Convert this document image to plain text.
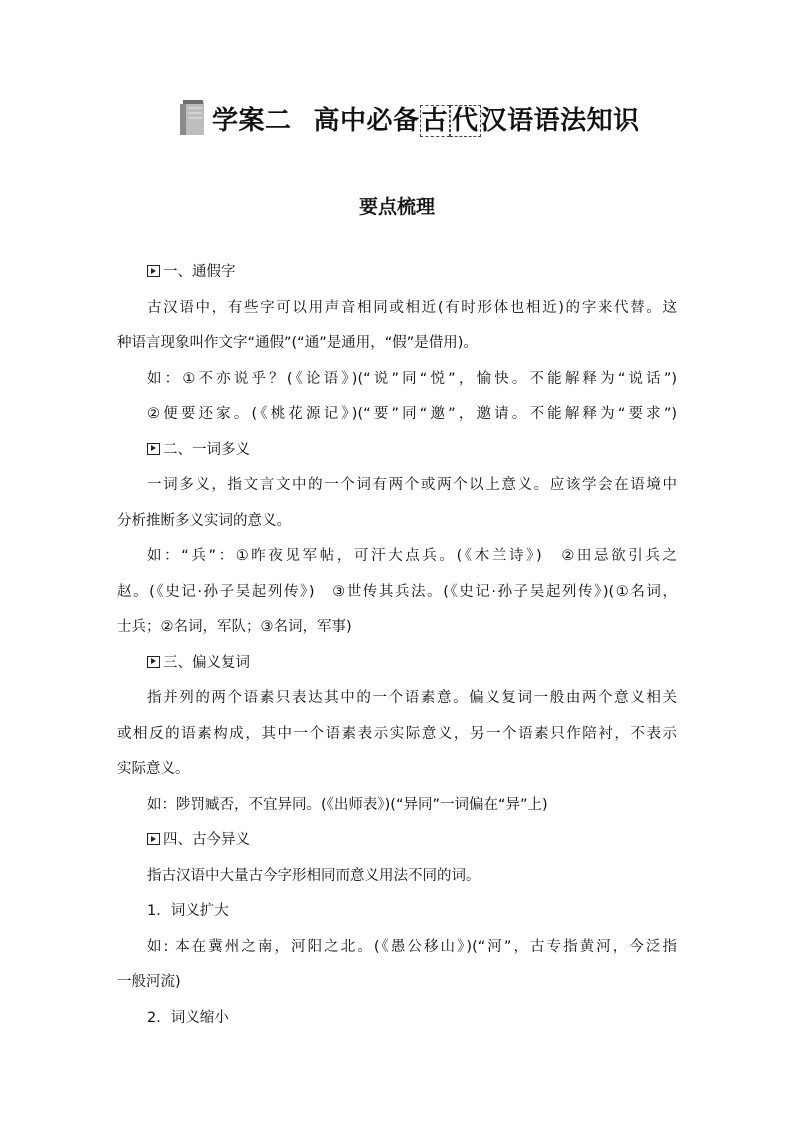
学案二 高中必备古 代汉语语法知识
要点梳理
一、通假字
古汉语中，有些字可以用声音相同或相近(有时形体也相近)的字来代替。这
种语言现象叫作文字“通假”(“通”是通用，“假”是借用)。
如：①不亦说乎？(《论语》)(“说”同“悦”，愉快。不能解释为“说话”)
②便要还家。(《桃花源记》)(“要”同“邀”，邀请。不能解释为“要求”)
二、一词多义
一词多义，指文言文中的一个词有两个或两个以上意义。应该学会在语境中
分析推断多义实词的意义。
如：“兵”：①昨夜见军帖，可汗大点兵。(《木兰诗》)　②田忌欲引兵之
赵。(《史记·孙子吴起列传》)　③世传其兵法。(《史记·孙子吴起列传》)(①名词，
士兵；②名词，军队；③名词，军事)
三、偏义复词
指并列的两个语素只表达其中的一个语素意。偏义复词一般由两个意义相关
或相反的语素构成，其中一个语素表示实际意义，另一个语素只作陪衬，不表示
实际意义。
如：陟罚臧否，不宜异同。(《出师表》)(“异同”一词偏在“异”上)
四、古今异义
指古汉语中大量古今字形相同而意义用法不同的词。
1．词义扩大
如: 本在冀州之南，河阳之北。(《愚公移山》)(“河”，古专指黄河，今泛指
一般河流)
2．词义缩小
